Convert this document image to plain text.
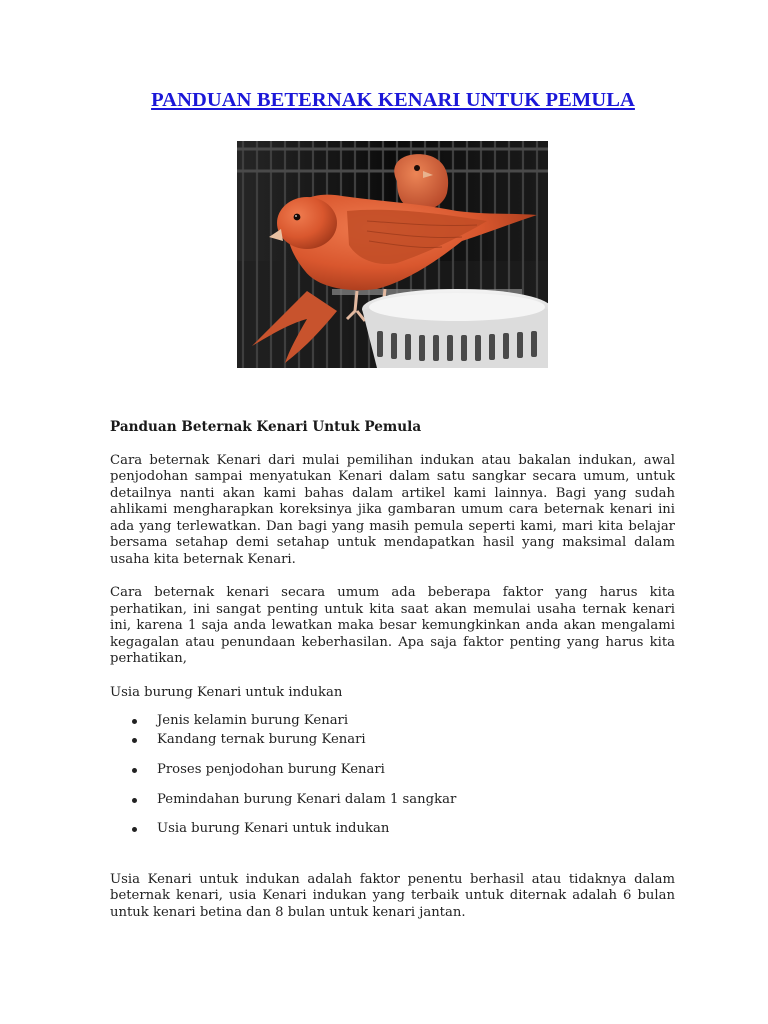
PANDUAN BETERNAK KENARI UNTUK PEMULA

Panduan Beternak Kenari Untuk Pemula

Cara beternak Kenari dari mulai pemilihan indukan atau bakalan indukan, awal penjodohan sampai menyatukan Kenari dalam satu sangkar secara umum, untuk detailnya nanti akan kami bahas dalam artikel kami lainnya. Bagi yang sudah ahlikami mengharapkan koreksinya jika gambaran umum cara beternak kenari ini ada yang terlewatkan. Dan bagi yang masih pemula seperti kami, mari kita belajar bersama setahap demi setahap untuk mendapatkan hasil yang maksimal dalam usaha kita beternak Kenari.

Cara beternak kenari secara umum ada beberapa faktor yang harus kita perhatikan, ini sangat penting untuk kita saat akan memulai usaha ternak kenari ini, karena 1 saja anda lewatkan maka besar kemungkinkan anda akan mengalami kegagalan atau penundaan keberhasilan. Apa saja faktor penting yang harus kita perhatikan,

Usia burung Kenari untuk indukan

Jenis kelamin burung Kenari
Kandang ternak burung Kenari
Proses penjodohan burung Kenari
Pemindahan burung Kenari dalam 1 sangkar
Usia burung Kenari untuk indukan

Usia Kenari untuk indukan adalah faktor penentu berhasil atau tidaknya dalam beternak kenari, usia Kenari indukan yang terbaik untuk diternak adalah 6 bulan untuk kenari betina dan 8 bulan untuk kenari jantan.
